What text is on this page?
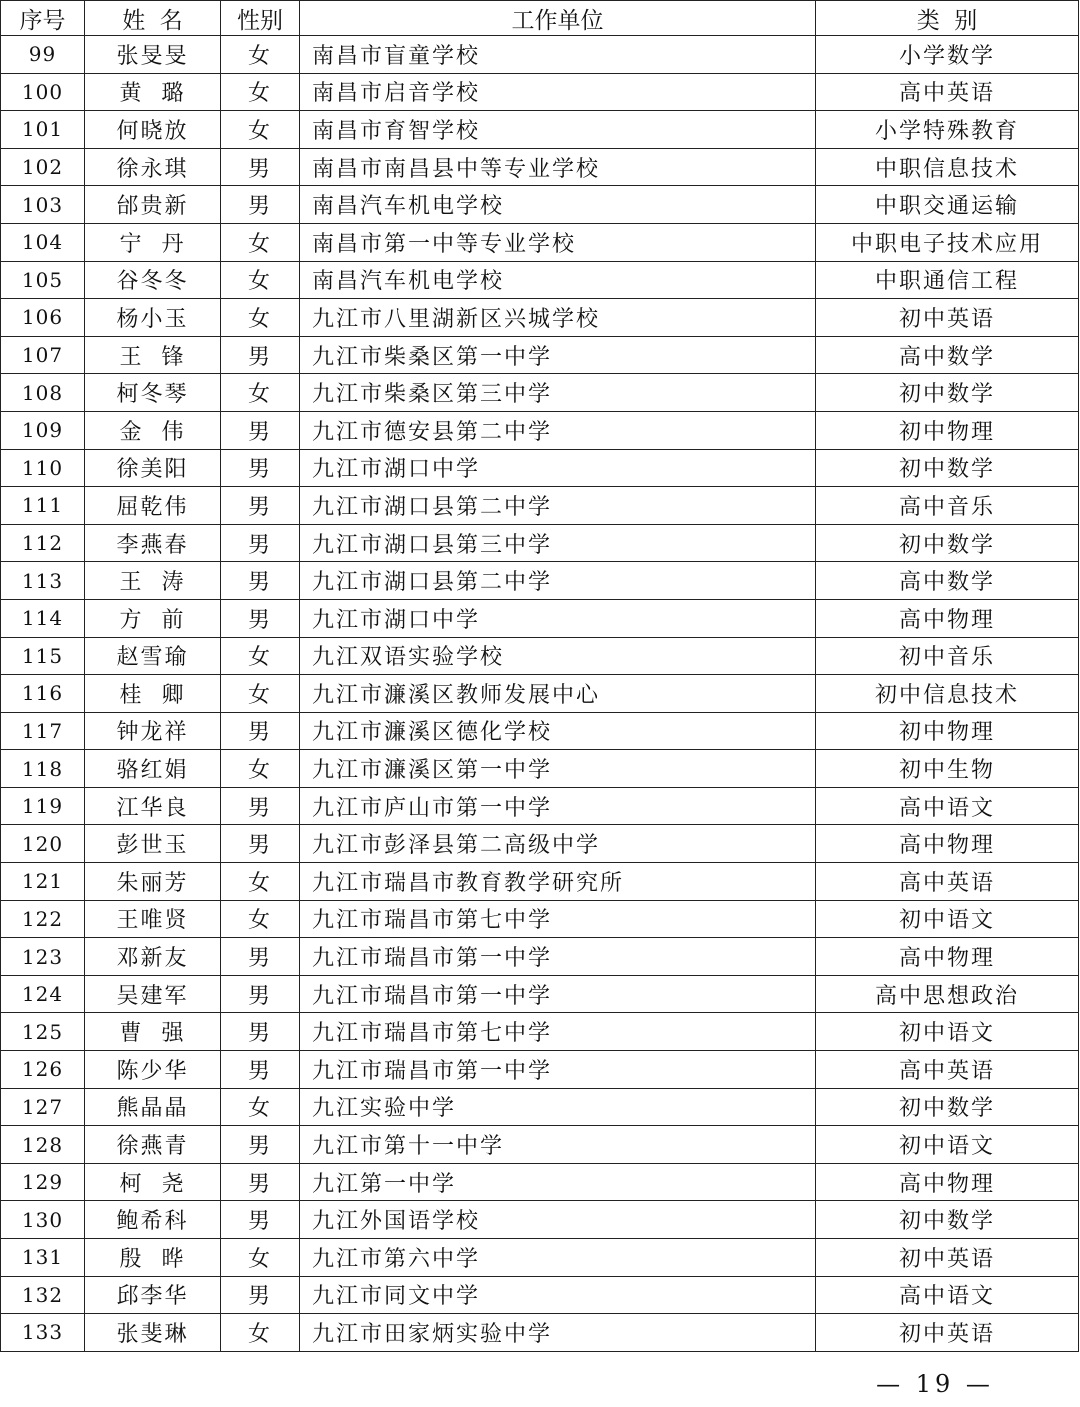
序号	姓  名	性别	工作单位	类  别
99	张旻旻	女	南昌市盲童学校	小学数学
100	黄  璐	女	南昌市启音学校	高中英语
101	何晓放	女	南昌市育智学校	小学特殊教育
102	徐永琪	男	南昌市南昌县中等专业学校	中职信息技术
103	邰贵新	男	南昌汽车机电学校	中职交通运输
104	宁  丹	女	南昌市第一中等专业学校	中职电子技术应用
105	谷冬冬	女	南昌汽车机电学校	中职通信工程
106	杨小玉	女	九江市八里湖新区兴城学校	初中英语
107	王  锋	男	九江市柴桑区第一中学	高中数学
108	柯冬琴	女	九江市柴桑区第三中学	初中数学
109	金  伟	男	九江市德安县第二中学	初中物理
110	徐美阳	男	九江市湖口中学	初中数学
111	屈乾伟	男	九江市湖口县第二中学	高中音乐
112	李燕春	男	九江市湖口县第三中学	初中数学
113	王  涛	男	九江市湖口县第二中学	高中数学
114	方  前	男	九江市湖口中学	高中物理
115	赵雪瑜	女	九江双语实验学校	初中音乐
116	桂  卿	女	九江市濂溪区教师发展中心	初中信息技术
117	钟龙祥	男	九江市濂溪区德化学校	初中物理
118	骆红娟	女	九江市濂溪区第一中学	初中生物
119	江华良	男	九江市庐山市第一中学	高中语文
120	彭世玉	男	九江市彭泽县第二高级中学	高中物理
121	朱丽芳	女	九江市瑞昌市教育教学研究所	高中英语
122	王唯贤	女	九江市瑞昌市第七中学	初中语文
123	邓新友	男	九江市瑞昌市第一中学	高中物理
124	吴建军	男	九江市瑞昌市第一中学	高中思想政治
125	曹  强	男	九江市瑞昌市第七中学	初中语文
126	陈少华	男	九江市瑞昌市第一中学	高中英语
127	熊晶晶	女	九江实验中学	初中数学
128	徐燕青	男	九江市第十一中学	初中语文
129	柯  尧	男	九江第一中学	高中物理
130	鲍希科	男	九江外国语学校	初中数学
131	殷  晔	女	九江市第六中学	初中英语
132	邱李华	男	九江市同文中学	高中语文
133	张斐琳	女	九江市田家炳实验中学	初中英语
— 19 —
